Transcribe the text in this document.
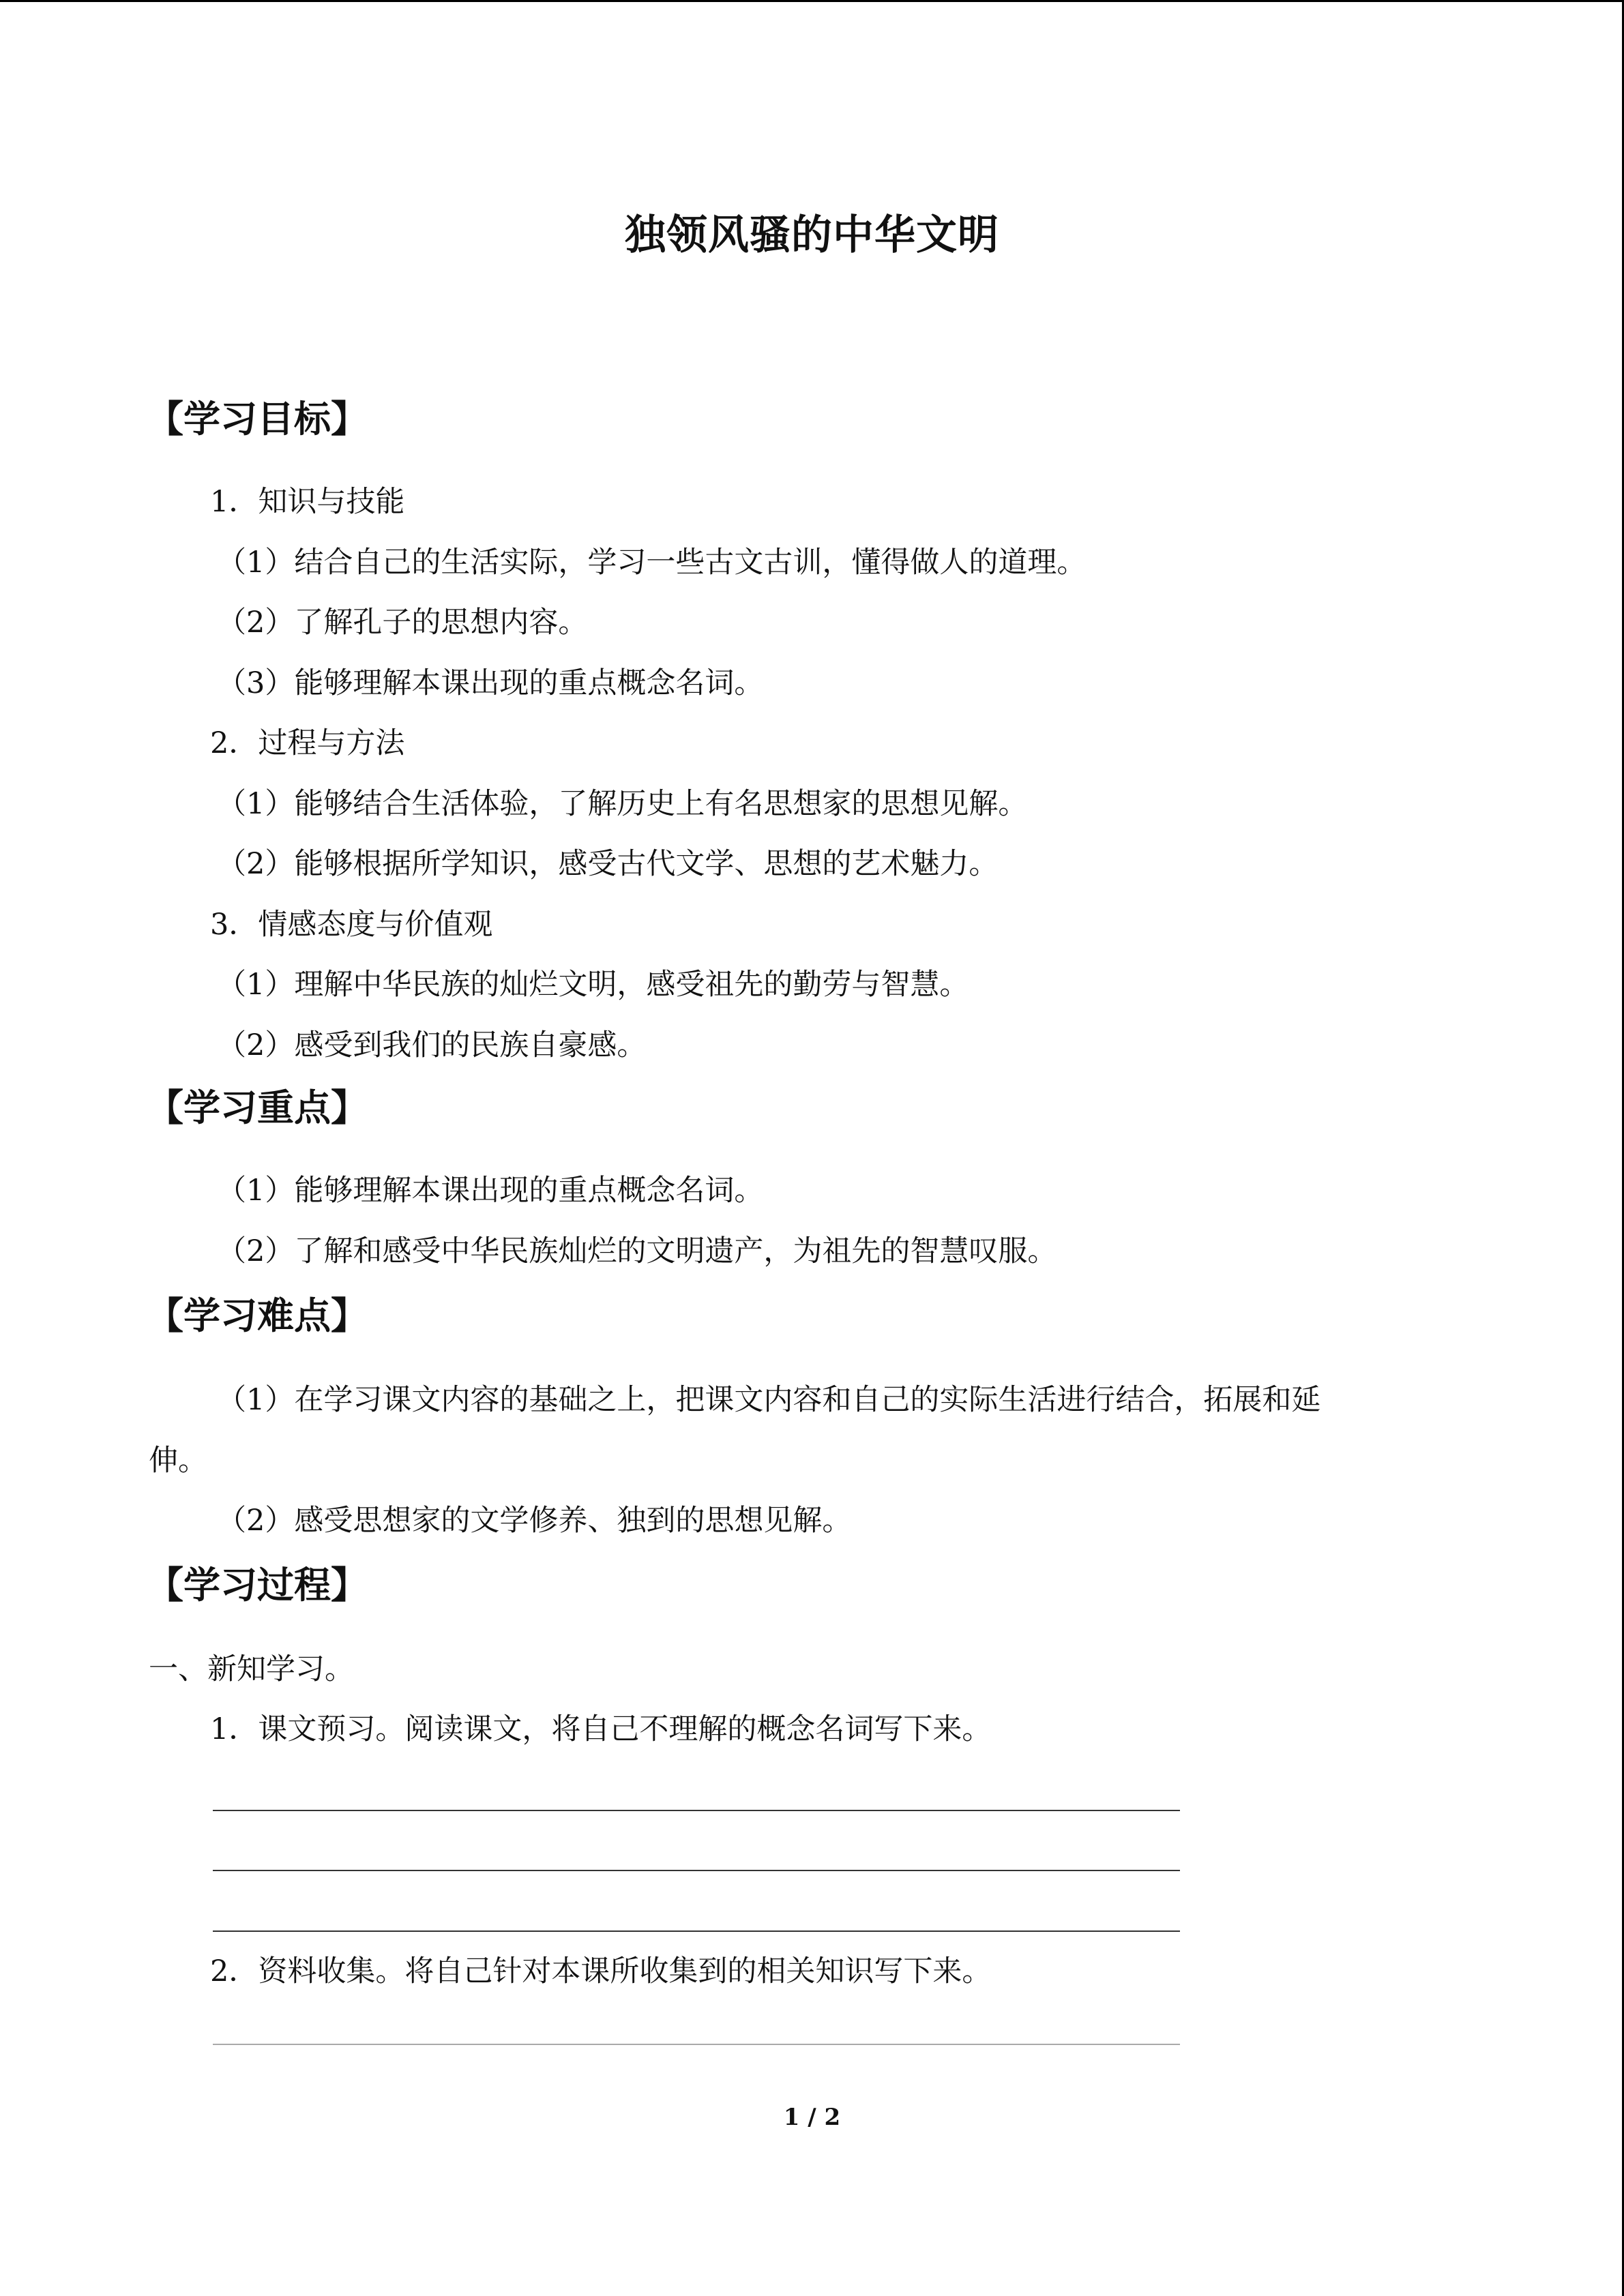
独领风骚的中华文明
【学习目标】
1．知识与技能
（1）结合自己的生活实际，学习一些古文古训，懂得做人的道理。
（2）了解孔子的思想内容。
（3）能够理解本课出现的重点概念名词。
2．过程与方法
（1）能够结合生活体验，了解历史上有名思想家的思想见解。
（2）能够根据所学知识，感受古代文学、思想的艺术魅力。
3．情感态度与价值观
（1）理解中华民族的灿烂文明，感受祖先的勤劳与智慧。
（2）感受到我们的民族自豪感。
【学习重点】
（1）能够理解本课出现的重点概念名词。
（2）了解和感受中华民族灿烂的文明遗产，为祖先的智慧叹服。
【学习难点】
（1）在学习课文内容的基础之上，把课文内容和自己的实际生活进行结合，拓展和延
伸。
（2）感受思想家的文学修养、独到的思想见解。
【学习过程】
一、新知学习。
1．课文预习。阅读课文，将自己不理解的概念名词写下来。
2．资料收集。将自己针对本课所收集到的相关知识写下来。
1 / 2
